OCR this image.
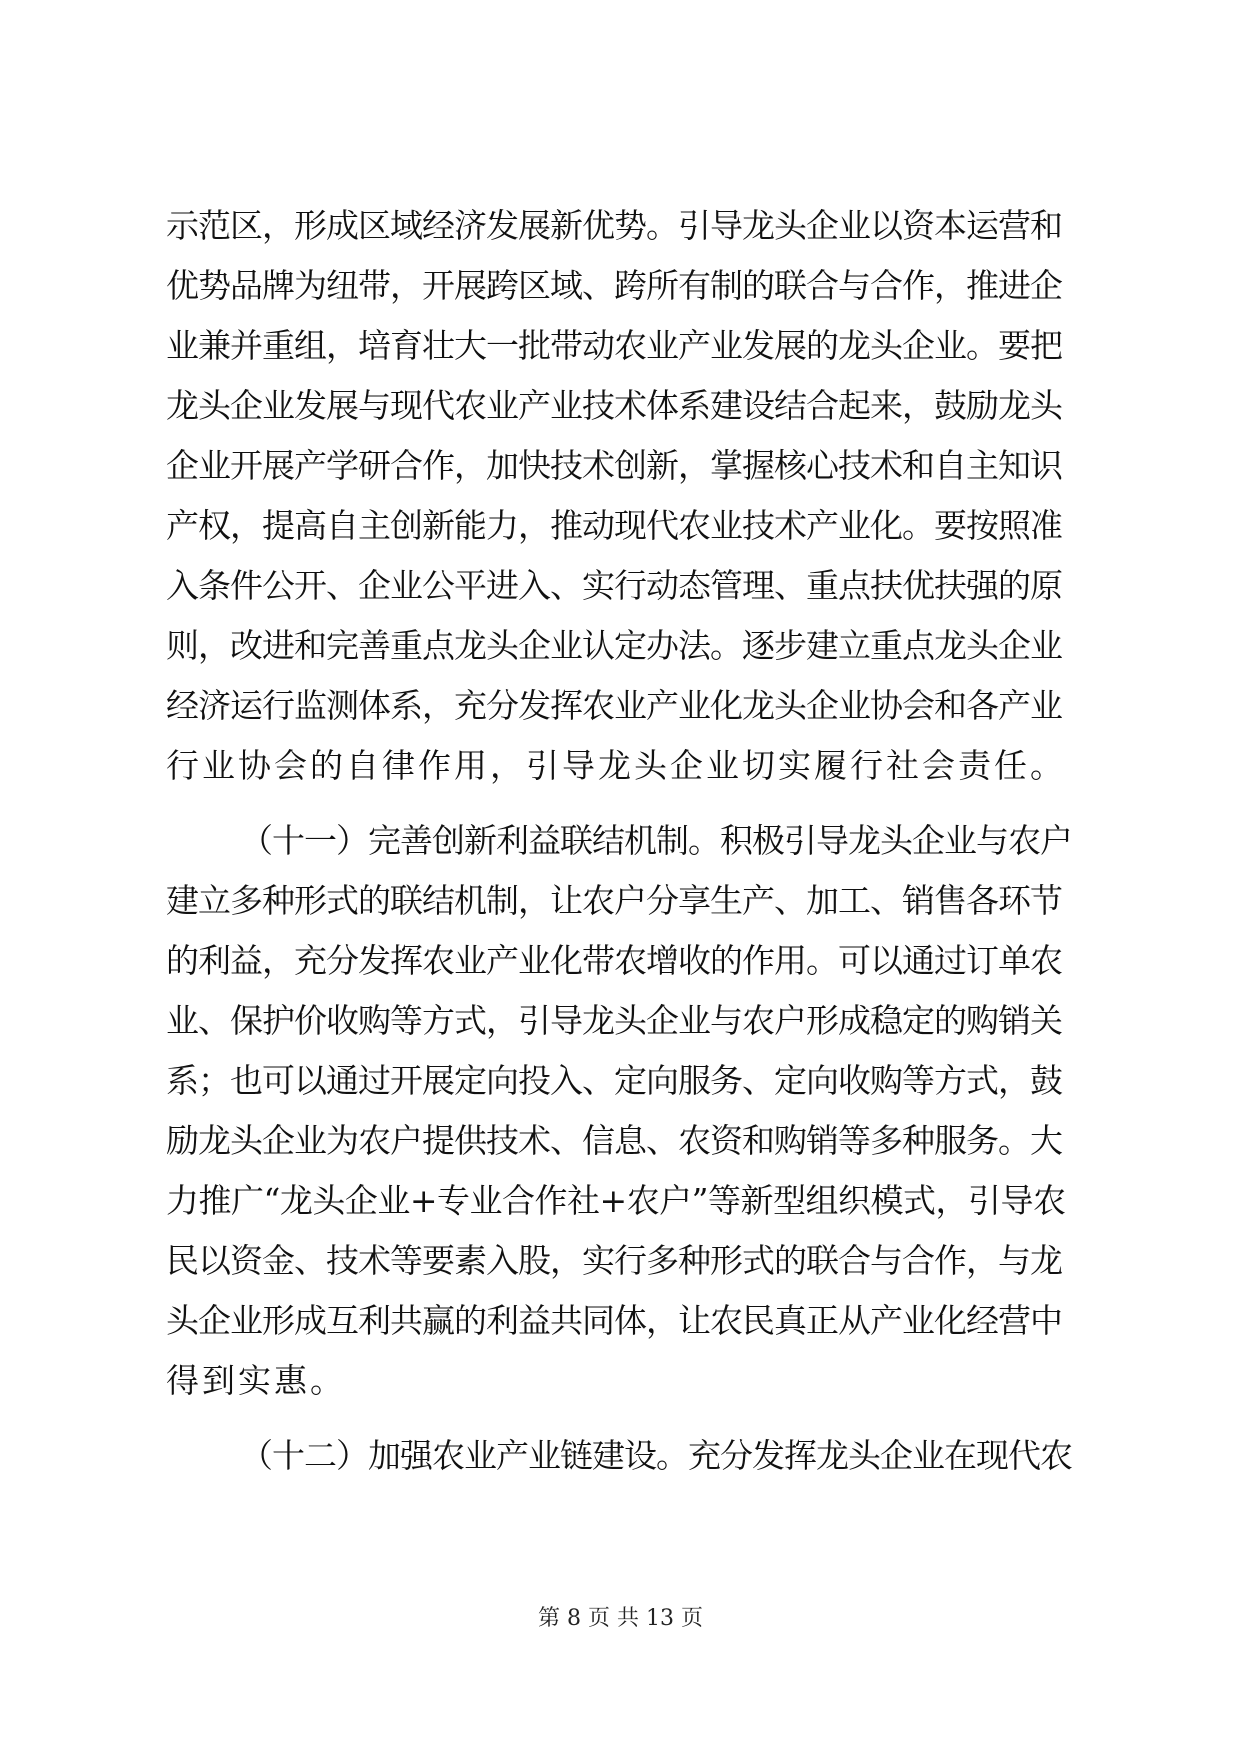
示范区，形成区域经济发展新优势。引导龙头企业以资本运营和
优势品牌为纽带，开展跨区域、跨所有制的联合与合作，推进企
业兼并重组，培育壮大一批带动农业产业发展的龙头企业。要把
龙头企业发展与现代农业产业技术体系建设结合起来，鼓励龙头
企业开展产学研合作，加快技术创新，掌握核心技术和自主知识
产权，提高自主创新能力，推动现代农业技术产业化。要按照准
入条件公开、企业公平进入、实行动态管理、重点扶优扶强的原
则，改进和完善重点龙头企业认定办法。逐步建立重点龙头企业
经济运行监测体系，充分发挥农业产业化龙头企业协会和各产业
行业协会的自律作用，引导龙头企业切实履行社会责任。
（十一）完善创新利益联结机制。积极引导龙头企业与农户
建立多种形式的联结机制，让农户分享生产、加工、销售各环节
的利益，充分发挥农业产业化带农增收的作用。可以通过订单农
业、保护价收购等方式，引导龙头企业与农户形成稳定的购销关
系；也可以通过开展定向投入、定向服务、定向收购等方式，鼓
励龙头企业为农户提供技术、信息、农资和购销等多种服务。大
力推广“龙头企业+专业合作社+农户”等新型组织模式，引导农
民以资金、技术等要素入股，实行多种形式的联合与合作，与龙
头企业形成互利共赢的利益共同体，让农民真正从产业化经营中
得到实惠。
（十二）加强农业产业链建设。充分发挥龙头企业在现代农
第 8 页 共 13 页
